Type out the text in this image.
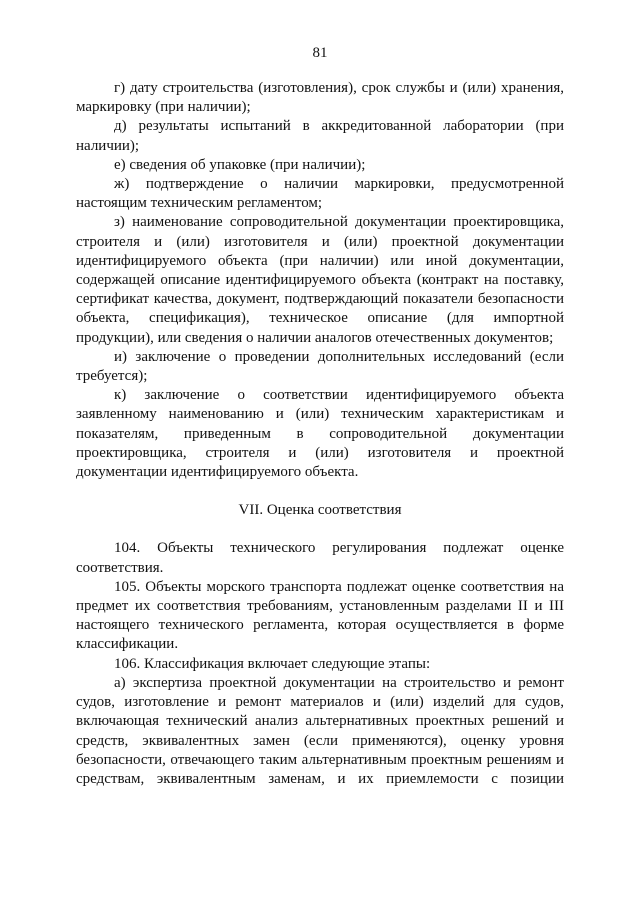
81

г) дату строительства (изготовления), срок службы и (или) хранения, маркировку (при наличии);

д) результаты испытаний в аккредитованной лаборатории (при наличии);

е) сведения об упаковке (при наличии);

ж) подтверждение о наличии маркировки, предусмотренной настоящим техническим регламентом;

з) наименование сопроводительной документации проектировщика, строителя и (или) изготовителя и (или) проектной документации идентифицируемого объекта (при наличии) или иной документации, содержащей описание идентифицируемого объекта (контракт на поставку, сертификат качества, документ, подтверждающий показатели безопасности объекта, спецификация), техническое описание (для импортной продукции), или сведения о наличии аналогов отечественных документов;

и) заключение о проведении дополнительных исследований (если требуется);

к) заключение о соответствии идентифицируемого объекта заявленному наименованию и (или) техническим характеристикам и показателям, приведенным в сопроводительной документации проектировщика, строителя и (или) изготовителя и проектной документации идентифицируемого объекта.

VII. Оценка соответствия

104. Объекты технического регулирования подлежат оценке соответствия.

105. Объекты морского транспорта подлежат оценке соответствия на предмет их соответствия требованиям, установленным разделами II и III настоящего технического регламента, которая осуществляется в форме классификации.

106. Классификация включает следующие этапы:

а) экспертиза проектной документации на строительство и ремонт судов, изготовление и ремонт материалов и (или) изделий для судов, включающая технический анализ альтернативных проектных решений и средств, эквивалентных замен (если применяются), оценку уровня безопасности, отвечающего таким альтернативным проектным решениям и средствам, эквивалентным заменам, и их приемлемости с позиции
